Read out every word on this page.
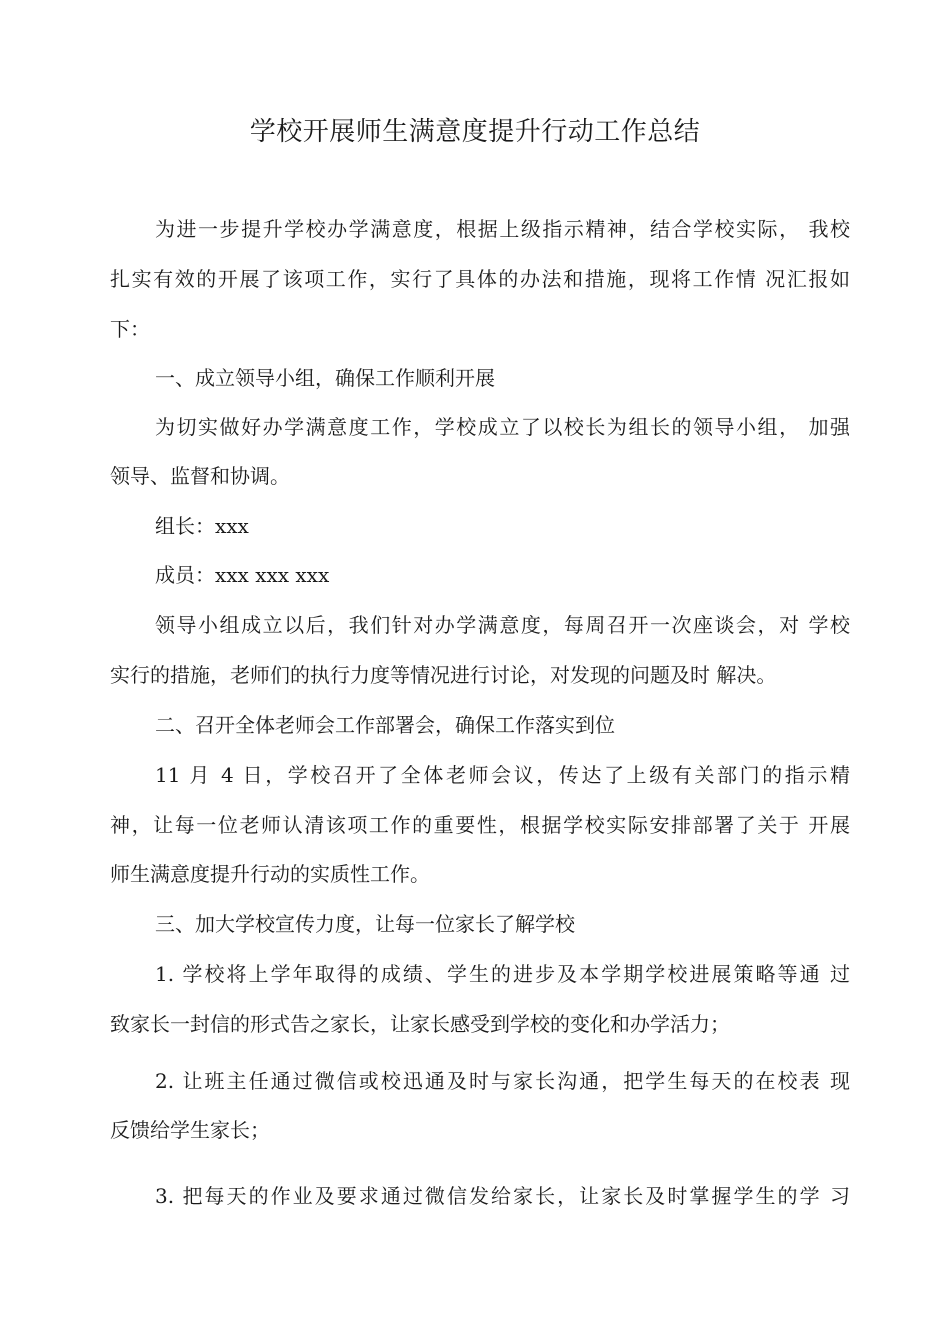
学校开展师生满意度提升行动工作总结
为进一步提升学校办学满意度，根据上级指示精神，结合学校实际， 我校
扎实有效的开展了该项工作，实行了具体的办法和措施，现将工作情 况汇报如
下：
一、成立领导小组，确保工作顺利开展
为切实做好办学满意度工作，学校成立了以校长为组长的领导小组， 加强
领导、监督和协调。
组长：xxx
成员：xxx xxx xxx
领导小组成立以后，我们针对办学满意度，每周召开一次座谈会，对 学校
实行的措施，老师们的执行力度等情况进行讨论，对发现的问题及时 解决。
二、召开全体老师会工作部署会，确保工作落实到位
11 月 4 日，学校召开了全体老师会议，传达了上级有关部门的指示精
神，让每一位老师认清该项工作的重要性，根据学校实际安排部署了关于 开展
师生满意度提升行动的实质性工作。
三、加大学校宣传力度，让每一位家长了解学校
1. 学校将上学年取得的成绩、学生的进步及本学期学校进展策略等通 过
致家长一封信的形式告之家长，让家长感受到学校的变化和办学活力；
2. 让班主任通过微信或校迅通及时与家长沟通，把学生每天的在校表 现
反馈给学生家长；
3. 把每天的作业及要求通过微信发给家长，让家长及时掌握学生的学 习
